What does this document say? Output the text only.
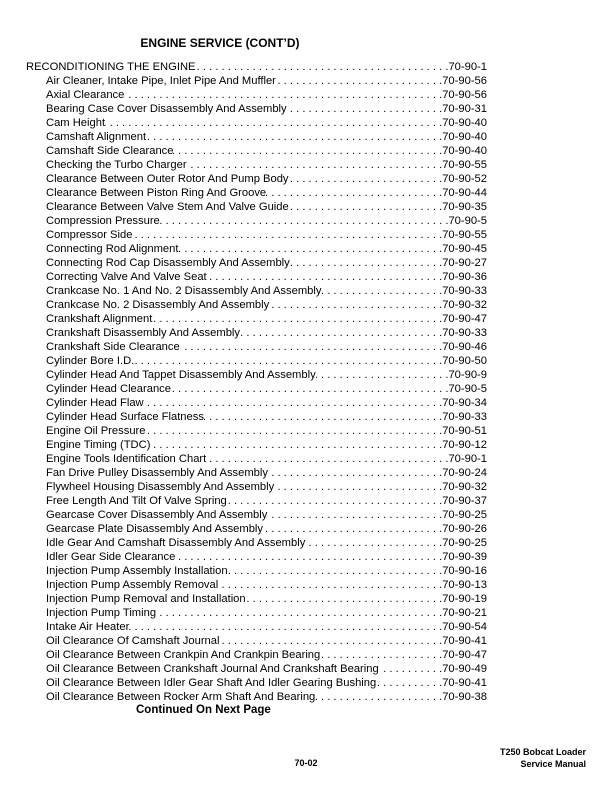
ENGINE SERVICE (CONT’D)
RECONDITIONING THE ENGINE . . .	70-90-1
Air Cleaner, Intake Pipe, Inlet Pipe And Muffler . . .	70-90-56
Axial Clearance . . .	70-90-56
Bearing Case Cover Disassembly And Assembly . . .	70-90-31
Cam Height . . .	70-90-40
Camshaft Alignment . . .	70-90-40
Camshaft Side Clearance . . .	70-90-40
Checking the Turbo Charger . . .	70-90-55
Clearance Between Outer Rotor And Pump Body . . .	70-90-52
Clearance Between Piston Ring And Groove . . .	70-90-44
Clearance Between Valve Stem And Valve Guide . . .	70-90-35
Compression Pressure . . .	70-90-5
Compressor Side . . .	70-90-55
Connecting Rod Alignment . . .	70-90-45
Connecting Rod Cap Disassembly And Assembly . . .	70-90-27
Correcting Valve And Valve Seat . . .	70-90-36
Crankcase No. 1 And No. 2 Disassembly And Assembly . . .	70-90-33
Crankcase No. 2 Disassembly And Assembly . . .	70-90-32
Crankshaft Alignment . . .	70-90-47
Crankshaft Disassembly And Assembly . . .	70-90-33
Crankshaft Side Clearance . . .	70-90-46
Cylinder Bore I.D. . . .	70-90-50
Cylinder Head And Tappet Disassembly And Assembly . . .	70-90-9
Cylinder Head Clearance . . .	70-90-5
Cylinder Head Flaw . . .	70-90-34
Cylinder Head Surface Flatness . . .	70-90-33
Engine Oil Pressure . . .	70-90-51
Engine Timing (TDC) . . .	70-90-12
Engine Tools Identification Chart . . .	70-90-1
Fan Drive Pulley Disassembly And Assembly . . .	70-90-24
Flywheel Housing Disassembly And Assembly . . .	70-90-32
Free Length And Tilt Of Valve Spring . . .	70-90-37
Gearcase Cover Disassembly And Assembly . . .	70-90-25
Gearcase Plate Disassembly And Assembly . . .	70-90-26
Idle Gear And Camshaft Disassembly And Assembly . . .	70-90-25
Idler Gear Side Clearance . . .	70-90-39
Injection Pump Assembly Installation . . .	70-90-16
Injection Pump Assembly Removal . . .	70-90-13
Injection Pump Removal and Installation . . .	70-90-19
Injection Pump Timing . . .	70-90-21
Intake Air Heater . . .	70-90-54
Oil Clearance Of Camshaft Journal . . .	70-90-41
Oil Clearance Between Crankpin And Crankpin Bearing . . .	70-90-47
Oil Clearance Between Crankshaft Journal And Crankshaft Bearing . . .	70-90-49
Oil Clearance Between Idler Gear Shaft And Idler Gearing Bushing . . .	70-90-41
Oil Clearance Between Rocker Arm Shaft And Bearing . . .	70-90-38
Continued On Next Page
70-02
T250 Bobcat Loader
Service Manual
